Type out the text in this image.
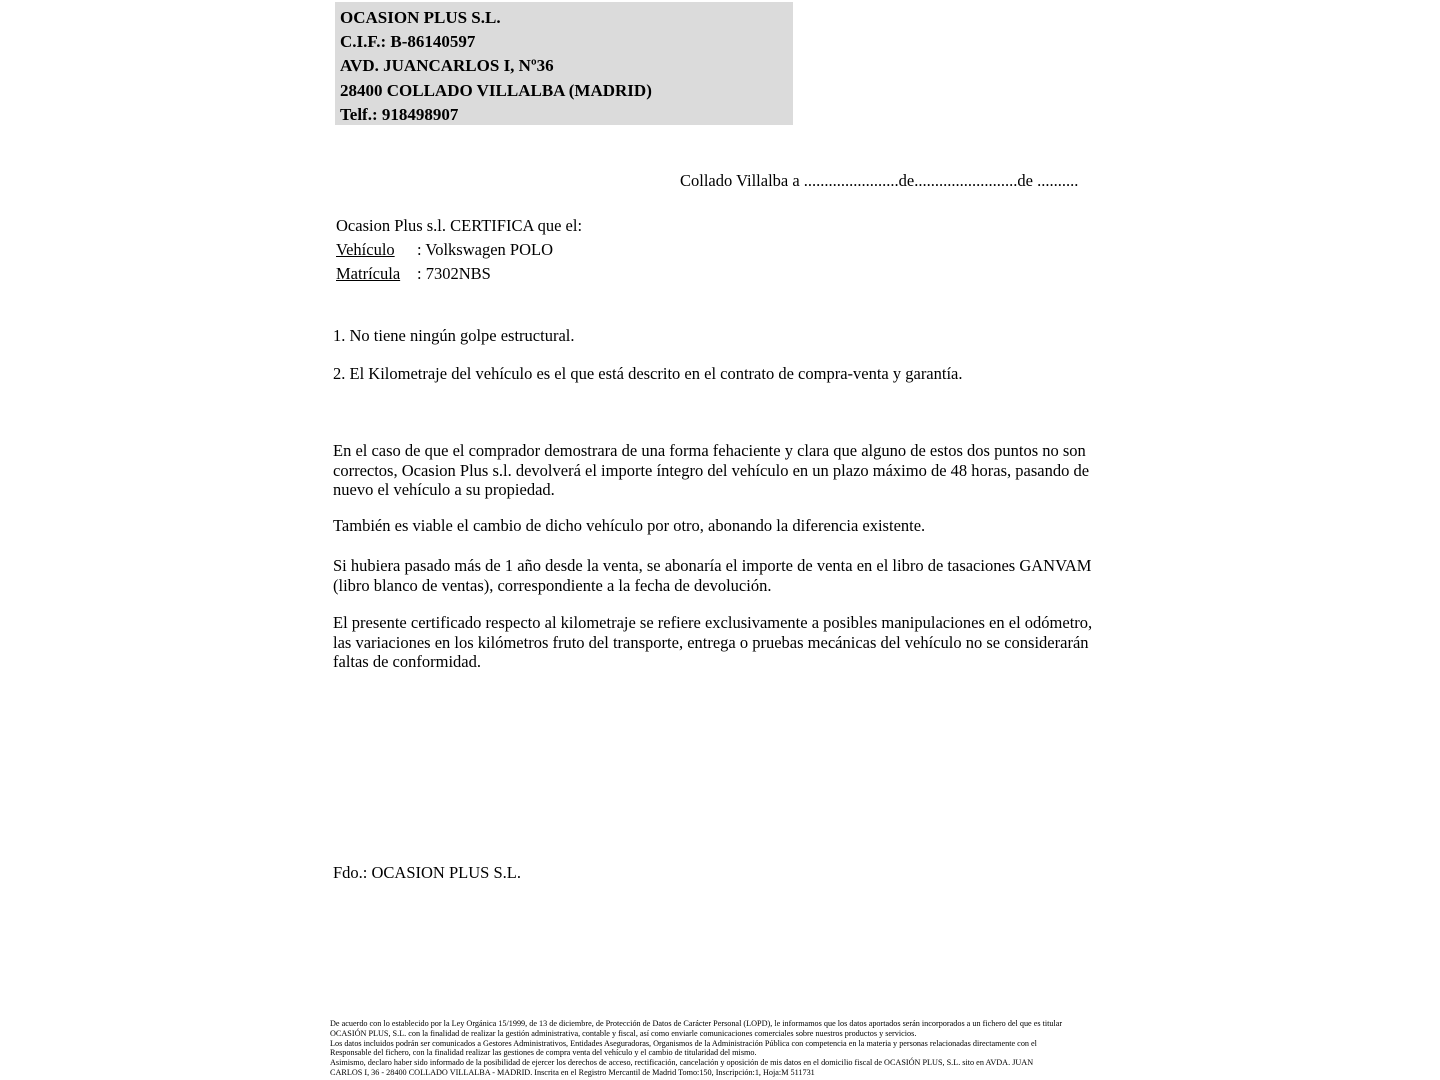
OCASION PLUS S.L.
C.I.F.: B-86140597
AVD. JUANCARLOS I, Nº36
28400 COLLADO VILLALBA (MADRID)
Telf.: 918498907
Collado Villalba a .......................de.........................de ..........
Ocasion Plus s.l. CERTIFICA que el:
Vehículo : Volkswagen POLO
Matrícula : 7302NBS
1. No tiene ningún golpe estructural.
2. El Kilometraje del vehículo es el que está descrito en el contrato de compra-venta y garantía.
En el caso de que el comprador demostrara de una forma fehaciente y clara que alguno de estos dos puntos no son correctos, Ocasion Plus s.l. devolverá el importe íntegro del vehículo en un plazo máximo de 48 horas, pasando de nuevo el vehículo a su propiedad.
También es viable el cambio de dicho vehículo por otro, abonando la diferencia existente.
Si hubiera pasado más de 1 año desde la venta, se abonaría el importe de venta en el libro de tasaciones GANVAM (libro blanco de ventas), correspondiente a la fecha de devolución.
El presente certificado respecto al kilometraje se refiere exclusivamente a posibles manipulaciones en el odómetro, las variaciones en los kilómetros fruto del transporte, entrega o pruebas mecánicas del vehículo no se considerarán faltas de conformidad.
Fdo.: OCASION PLUS S.L.
De acuerdo con lo establecido por la Ley Orgánica 15/1999, de 13 de diciembre, de Protección de Datos de Carácter Personal (LOPD), le informamos que los datos aportados serán incorporados a un fichero del que es titular
OCASIÓN PLUS, S.L. con la finalidad de realizar la gestión administrativa, contable y fiscal, así como enviarle comunicaciones comerciales sobre nuestros productos y servicios.
Los datos incluidos podrán ser comunicados a Gestores Administrativos, Entidades Aseguradoras, Organismos de la Administración Pública con competencia en la materia y personas relacionadas directamente con el
Responsable del fichero, con la finalidad realizar las gestiones de compra venta del vehículo y el cambio de titularidad del mismo.
Asimismo, declaro haber sido informado de la posibilidad de ejercer los derechos de acceso, rectificación, cancelación y oposición de mis datos en el domicilio fiscal de OCASIÓN PLUS, S.L. sito en AVDA. JUAN
CARLOS I, 36 - 28400 COLLADO VILLALBA - MADRID. Inscrita en el Registro Mercantil de Madrid Tomo:150, Inscripción:1, Hoja:M 511731
